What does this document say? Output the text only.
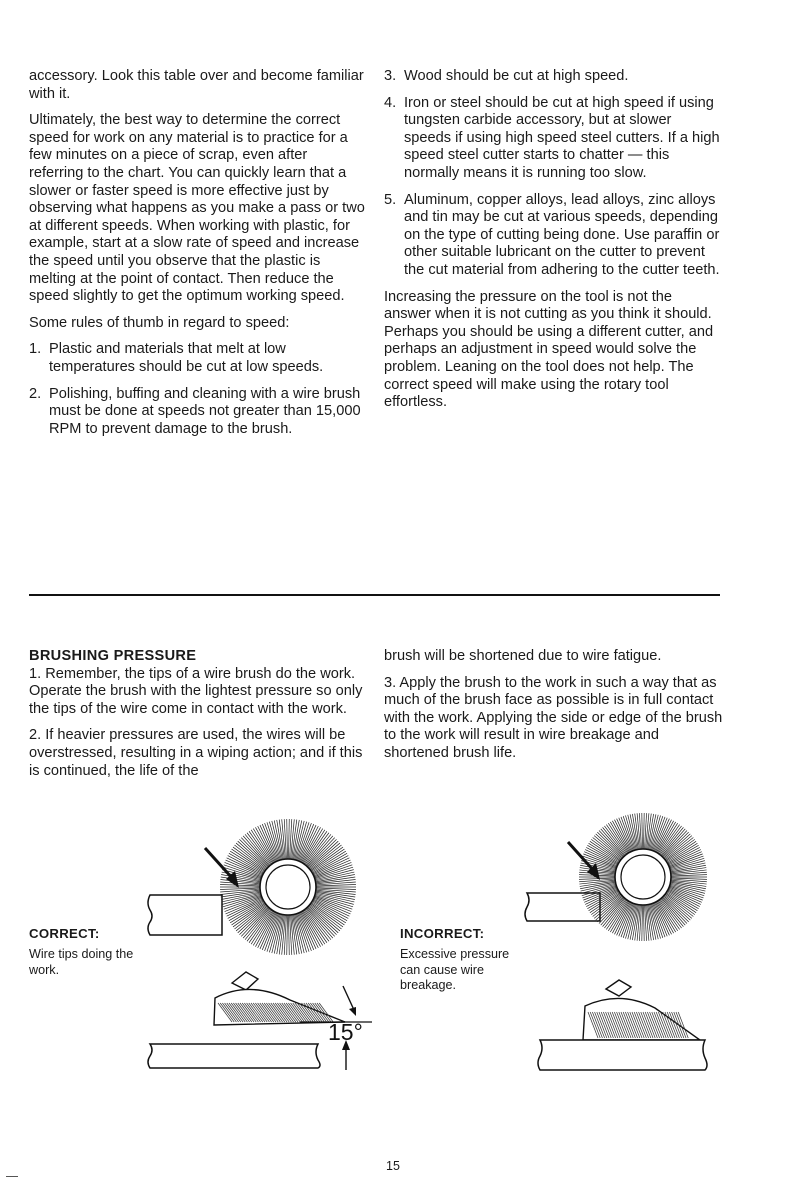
accessory. Look this table over and become familiar with it.

Ultimately, the best way to determine the correct speed for work on any material is to practice for a few minutes on a piece of scrap, even after referring to the chart. You can quickly learn that a slower or faster speed is more effective just by observing what happens as you make a pass or two at different speeds. When working with plastic, for example, start at a slow rate of speed and increase the speed until you observe that the plastic is melting at the point of contact. Then reduce the speed slightly to get the optimum working speed.

Some rules of thumb in regard to speed:

1. Plastic and materials that melt at low temperatures should be cut at low speeds.
2. Polishing, buffing and cleaning with a wire brush must be done at speeds not greater than 15,000 RPM to prevent damage to the brush.
3. Wood should be cut at high speed.
4. Iron or steel should be cut at high speed if using tungsten carbide accessory, but at slower speeds if using high speed steel cutters. If a high speed steel cutter starts to chatter — this normally means it is running too slow.
5. Aluminum, copper alloys, lead alloys, zinc alloys and tin may be cut at various speeds, depending on the type of cutting being done. Use paraffin or other suitable lubricant on the cutter to prevent the cut material from adhering to the cutter teeth.

Increasing the pressure on the tool is not the answer when it is not cutting as you think it should. Perhaps you should be using a different cutter, and perhaps an adjustment in speed would solve the problem. Leaning on the tool does not help. The correct speed will make using the rotary tool effortless.

BRUSHING PRESSURE

1. Remember, the tips of a wire brush do the work. Operate the brush with the lightest pressure so only the tips of the wire come in contact with the work.

2. If heavier pressures are used, the wires will be overstressed, resulting in a wiping action; and if this is continued, the life of the

brush will be shortened due to wire fatigue.

3. Apply the brush to the work in such a way that as much of the brush face as possible is in full contact with the work. Applying the side or edge of the brush to the work will result in wire breakage and shortened brush life.

CORRECT:
Wire tips doing the work.
INCORRECT:
Excessive pressure can cause wire breakage.
15°
15
